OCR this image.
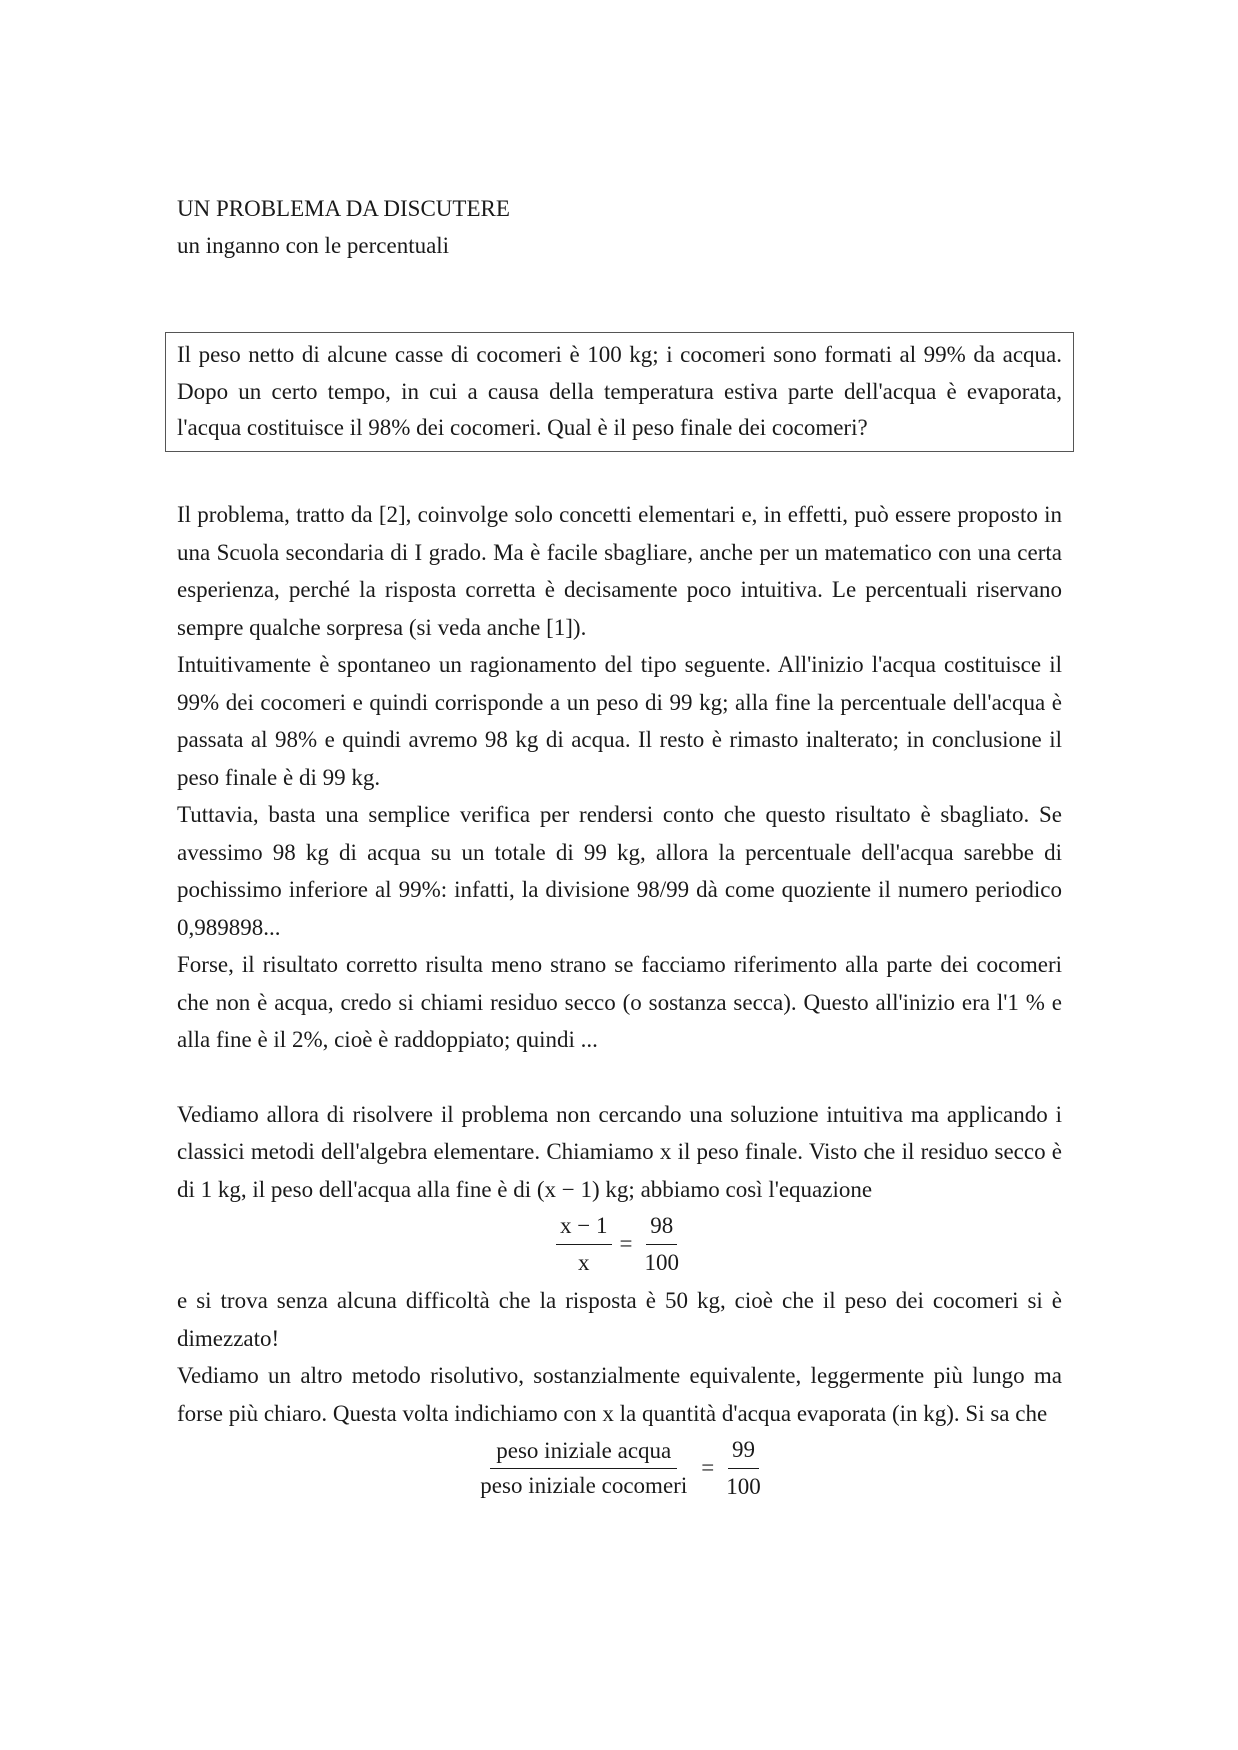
UN PROBLEMA DA DISCUTERE
un inganno con le percentuali
Il peso netto di alcune casse di cocomeri è 100 kg; i cocomeri sono formati al 99% da acqua. Dopo un certo tempo, in cui a causa della temperatura estiva parte dell'acqua è evaporata, l'acqua costituisce il 98% dei cocomeri. Qual è il peso finale dei cocomeri?

Il problema, tratto da [2], coinvolge solo concetti elementari e, in effetti, può essere proposto in una Scuola secondaria di I grado. Ma è facile sbagliare, anche per un matematico con una certa esperienza, perché la risposta corretta è decisamente poco intuitiva. Le percentuali riservano sempre qualche sorpresa (si veda anche [1]).

Intuitivamente è spontaneo un ragionamento del tipo seguente. All'inizio l'acqua costituisce il 99% dei cocomeri e quindi corrisponde a un peso di 99 kg; alla fine la percentuale dell'acqua è passata al 98% e quindi avremo 98 kg di acqua. Il resto è rimasto inalterato; in conclusione il peso finale è di 99 kg.

Tuttavia, basta una semplice verifica per rendersi conto che questo risultato è sbagliato. Se avessimo 98 kg di acqua su un totale di 99 kg, allora la percentuale dell'acqua sarebbe di pochissimo inferiore al 99%: infatti, la divisione 98/99 dà come quoziente il numero periodico 0,989898...

Forse, il risultato corretto risulta meno strano se facciamo riferimento alla parte dei cocomeri che non è acqua, credo si chiami residuo secco (o sostanza secca). Questo all'inizio era l'1 % e alla fine è il 2%, cioè è raddoppiato; quindi ...

Vediamo allora di risolvere il problema non cercando una soluzione intuitiva ma applicando i classici metodi dell'algebra elementare. Chiamiamo x il peso finale. Visto che il residuo secco è di 1 kg, il peso dell'acqua alla fine è di (x − 1) kg; abbiamo così l'equazione

$\frac{x - 1}{x} = \frac{98}{100}$

e si trova senza alcuna difficoltà che la risposta è 50 kg, cioè che il peso dei cocomeri si è dimezzato!

Vediamo un altro metodo risolutivo, sostanzialmente equivalente, leggermente più lungo ma forse più chiaro. Questa volta indichiamo con x la quantità d'acqua evaporata (in kg). Si sa che

$\frac{\text{peso iniziale acqua}}{\text{peso iniziale cocomeri}} = \frac{99}{100}$
